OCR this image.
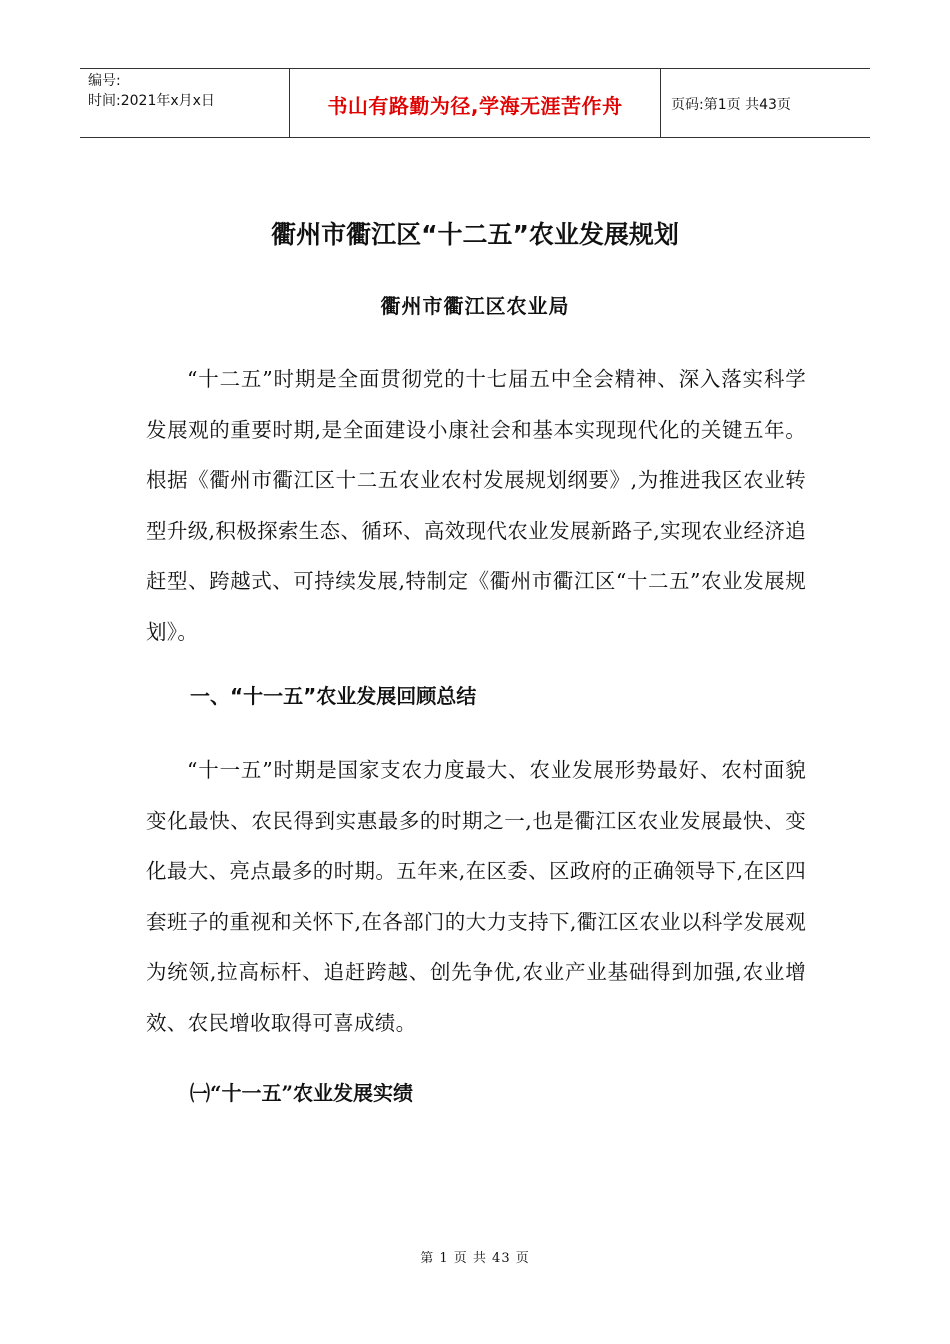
编号:
时间:2021年x月x日	书山有路勤为径,学海无涯苦作舟	页码:第1页 共43页
衢州市衢江区“十二五”农业发展规划
衢州市衢江区农业局
“十二五”时期是全面贯彻党的十七届五中全会精神、深入落实科学发展观的重要时期,是全面建设小康社会和基本实现现代化的关键五年。根据《衢州市衢江区十二五农业农村发展规划纲要》,为推进我区农业转型升级,积极探索生态、循环、高效现代农业发展新路子,实现农业经济追赶型、跨越式、可持续发展,特制定《衢州市衢江区“十二五”农业发展规划》。
一、“十一五”农业发展回顾总结
“十一五”时期是国家支农力度最大、农业发展形势最好、农村面貌变化最快、农民得到实惠最多的时期之一,也是衢江区农业发展最快、变化最大、亮点最多的时期。五年来,在区委、区政府的正确领导下,在区四套班子的重视和关怀下,在各部门的大力支持下,衢江区农业以科学发展观为统领,拉高标杆、追赶跨越、创先争优,农业产业基础得到加强,农业增效、农民增收取得可喜成绩。
㈠“十一五”农业发展实绩
第 1 页 共 43 页
